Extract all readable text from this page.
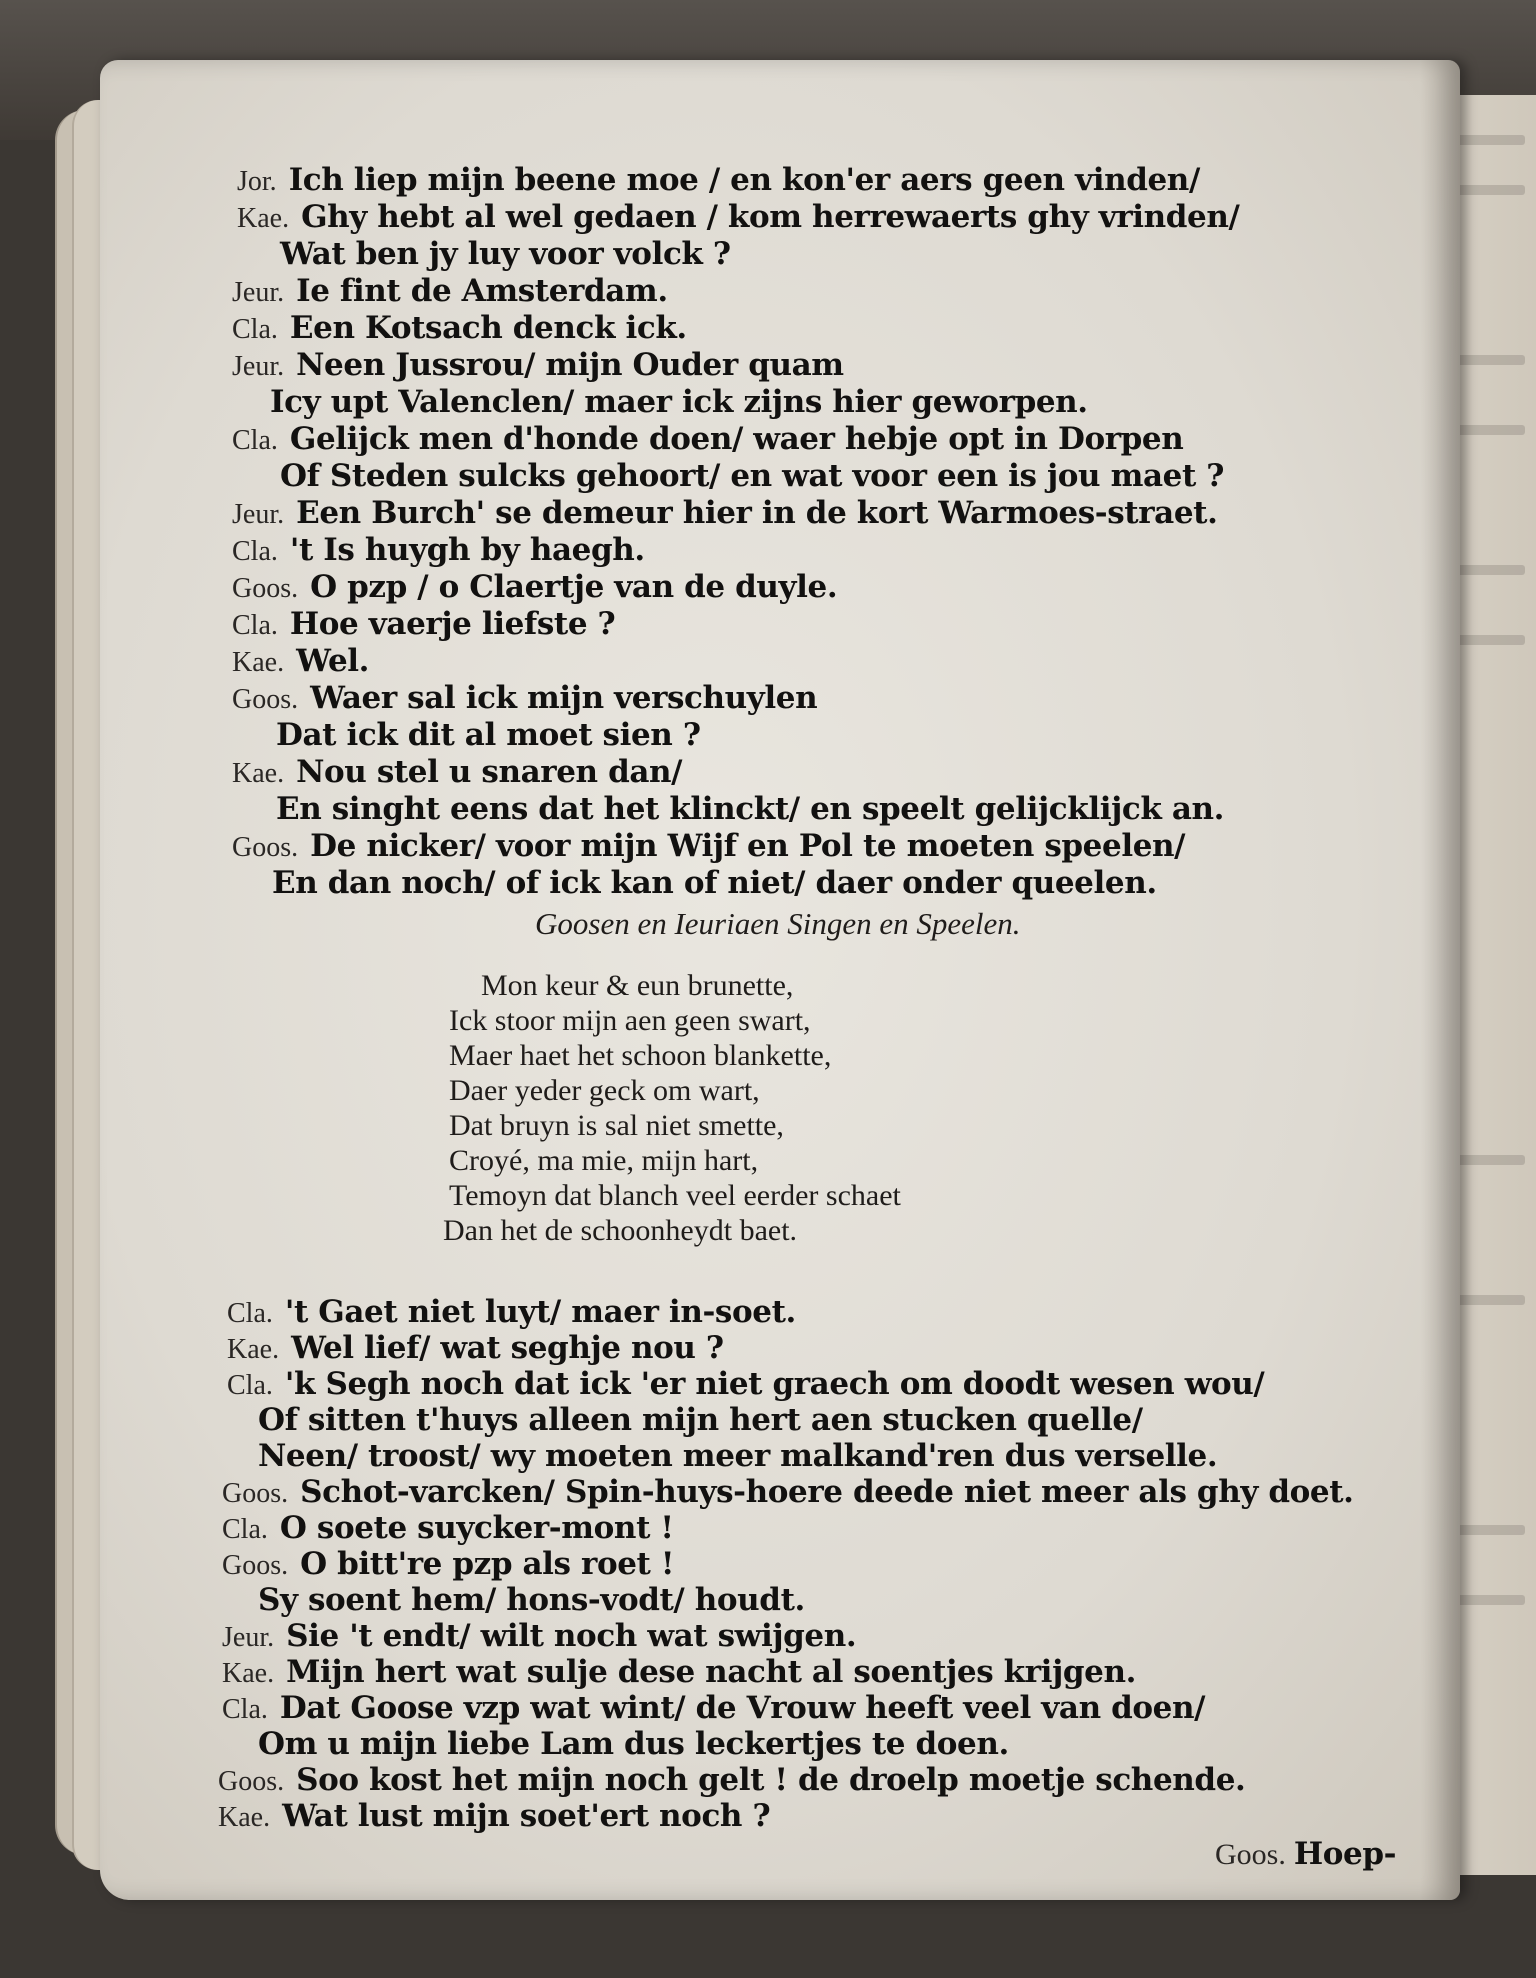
Jor. Ich liep mijn beene moe / en kon'er aers geen vinden/
Kae. Ghy hebt al wel gedaen / kom herrewaerts ghy vrinden/
Wat ben jy luy voor volck ?
Jeur. Ie fint de Amsterdam.
Cla. Een Kotsach denck ick.
Jeur. Neen Jussrou/ mijn Ouder quam
Icy upt Valenclen/ maer ick zijns hier geworpen.
Cla. Gelijck men d'honde doen/ waer hebje opt in Dorpen
Of Steden sulcks gehoort/ en wat voor een is jou maet ?
Jeur. Een Burch' se demeur hier in de kort Warmoes-straet.
Cla. 't Is huygh by haegh.
Goos. O pzp / o Claertje van de duyle.
Cla. Hoe vaerje liefste ?
Kae. Wel.
Goos. Waer sal ick mijn verschuylen
Dat ick dit al moet sien ?
Kae. Nou stel u snaren dan/
En singht eens dat het klinckt/ en speelt gelijcklijck an.
Goos. De nicker/ voor mijn Wijf en Pol te moeten speelen/
En dan noch/ of ick kan of niet/ daer onder queelen.
Goosen en Ieuriaen Singen en Speelen.
Mon keur & eun brunette,
Ick stoor mijn aen geen swart,
Maer haet het schoon blankette,
Daer yeder geck om wart,
Dat bruyn is sal niet smette,
Croyé, ma mie, mijn hart,
Temoyn dat blanch veel eerder schaet
Dan het de schoonheydt baet.
Cla. 't Gaet niet luyt/ maer in-soet.
Kae. Wel lief/ wat seghje nou ?
Cla. 'k Segh noch dat ick 'er niet graech om doodt wesen wou/
Of sitten t'huys alleen mijn hert aen stucken quelle/
Neen/ troost/ wy moeten meer malkand'ren dus verselle.
Goos. Schot-varcken/ Spin-huys-hoere deede niet meer als ghy doet.
Cla. O soete suycker-mont !
Goos. O bitt're pzp als roet !
Sy soent hem/ hons-vodt/ houdt.
Jeur. Sie 't endt/ wilt noch wat swijgen.
Kae. Mijn hert wat sulje dese nacht al soentjes krijgen.
Cla. Dat Goose vzp wat wint/ de Vrouw heeft veel van doen/
Om u mijn liebe Lam dus leckertjes te doen.
Goos. Soo kost het mijn noch gelt ! de droelp moetje schende.
Kae. Wat lust mijn soet'ert noch ?
Goos. Hoep-
